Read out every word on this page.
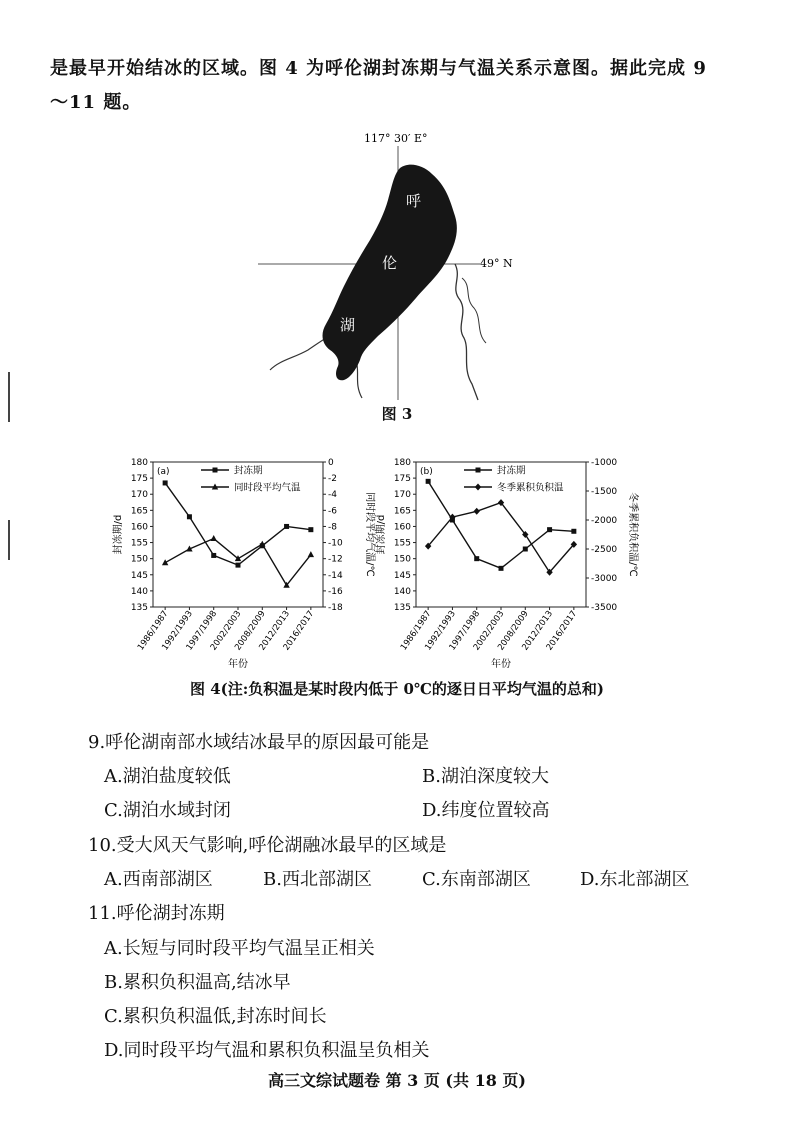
是最早开始结冰的区域。图 4 为呼伦湖封冻期与气温关系示意图。据此完成 9
～11 题。
117° 30′ E°
49° N
呼
伦
湖
图 3
135
140
145
150
155
160
165
170
175
180
-18
-16
-14
-12
-10
-8
-6
-4
-2
0
1986/1987
1992/1993
1997/1998
2002/2003
2008/2009
2012/2013
2016/2017
年份
封冻期/d	同时段平均气温/℃
(a)	封冻期
同时段平均气温
135
140
145
150
155
160
165
170
175
180
-3500
-3000
-2500
-2000
-1500
-1000
1986/1987
1992/1993
1997/1998
2002/2003
2008/2009
2012/2013
2016/2017
年份
封冻期/d	冬季累积负积温/℃
(b)	封冻期
冬季累积负积温
图 4(注:负积温是某时段内低于 0℃的逐日日平均气温的总和)
9.呼伦湖南部水域结冰最早的原因最可能是
A.湖泊盐度较低	B.湖泊深度较大
C.湖泊水域封闭	D.纬度位置较高
10.受大风天气影响,呼伦湖融冰最早的区域是
A.西南部湖区	B.西北部湖区	C.东南部湖区	D.东北部湖区
11.呼伦湖封冻期
A.长短与同时段平均气温呈正相关
B.累积负积温高,结冰早
C.累积负积温低,封冻时间长
D.同时段平均气温和累积负积温呈负相关
高三文综试题卷 第 3 页 (共 18 页)
